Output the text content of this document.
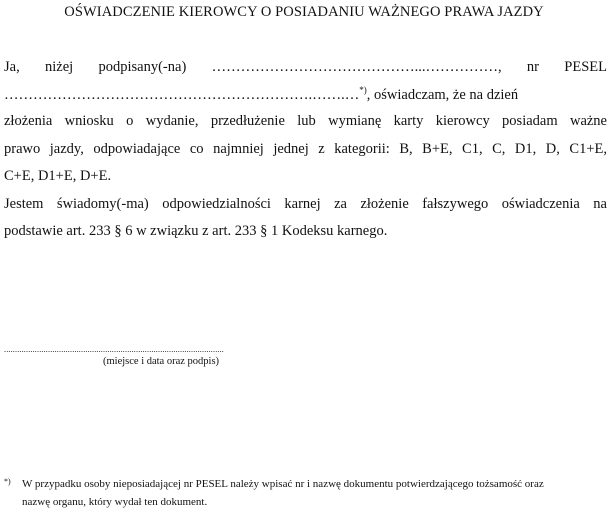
OŚWIADCZENIE KIEROWCY O POSIADANIU WAŻNEGO PRAWA JAZDY
Ja, niżej podpisany(-na) ……………………………………...……………, nr PESEL
……………………………………………………….…….…*), oświadczam, że na dzień
złożenia wniosku o wydanie, przedłużenie lub wymianę karty kierowcy posiadam ważne
prawo jazdy, odpowiadające co najmniej jednej z kategorii: B, B+E, C1, C, D1, D, C1+E,
C+E, D1+E, D+E.
Jestem świadomy(-ma) odpowiedzialności karnej za złożenie fałszywego oświadczenia na
podstawie art. 233 § 6 w związku z art. 233 § 1 Kodeksu karnego.
....................................................................................................
(miejsce i data oraz podpis)
*) W przypadku osoby nieposiadającej nr PESEL należy wpisać nr i nazwę dokumentu potwierdzającego tożsamość oraz
nazwę organu, który wydał ten dokument.
